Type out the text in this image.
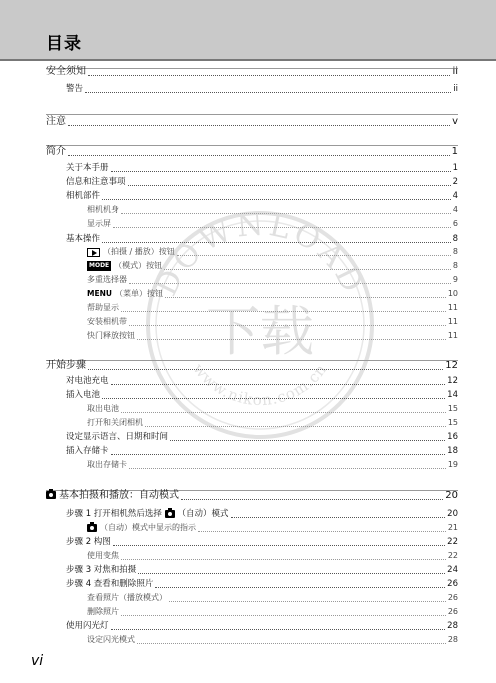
目录
DOWNLOAD
下载
www.nikon.com.cn
安全须知	ii
警告	ii
注意	v
简介	1
关于本手册	1
信息和注意事项	2
相机部件	4
相机机身	4
显示屏	6
基本操作	8
（拍摄 / 播放）按钮	8
MODE （模式）按钮	8
多重选择器	9
MENU （菜单）按钮	10
帮助显示	11
安装相机带	11
快门释放按钮	11
开始步骤	12
对电池充电	12
插入电池	14
取出电池	15
打开和关闭相机	15
设定显示语言、日期和时间	16
插入存储卡	18
取出存储卡	19
基本拍摄和播放：自动模式	20
步骤 1 打开相机然后选择 （自动）模式	20
（自动）模式中显示的指示	21
步骤 2 构图	22
使用变焦	22
步骤 3 对焦和拍摄	24
步骤 4 查看和删除照片	26
查看照片（播放模式）	26
删除照片	26
使用闪光灯	28
设定闪光模式	28
vi
